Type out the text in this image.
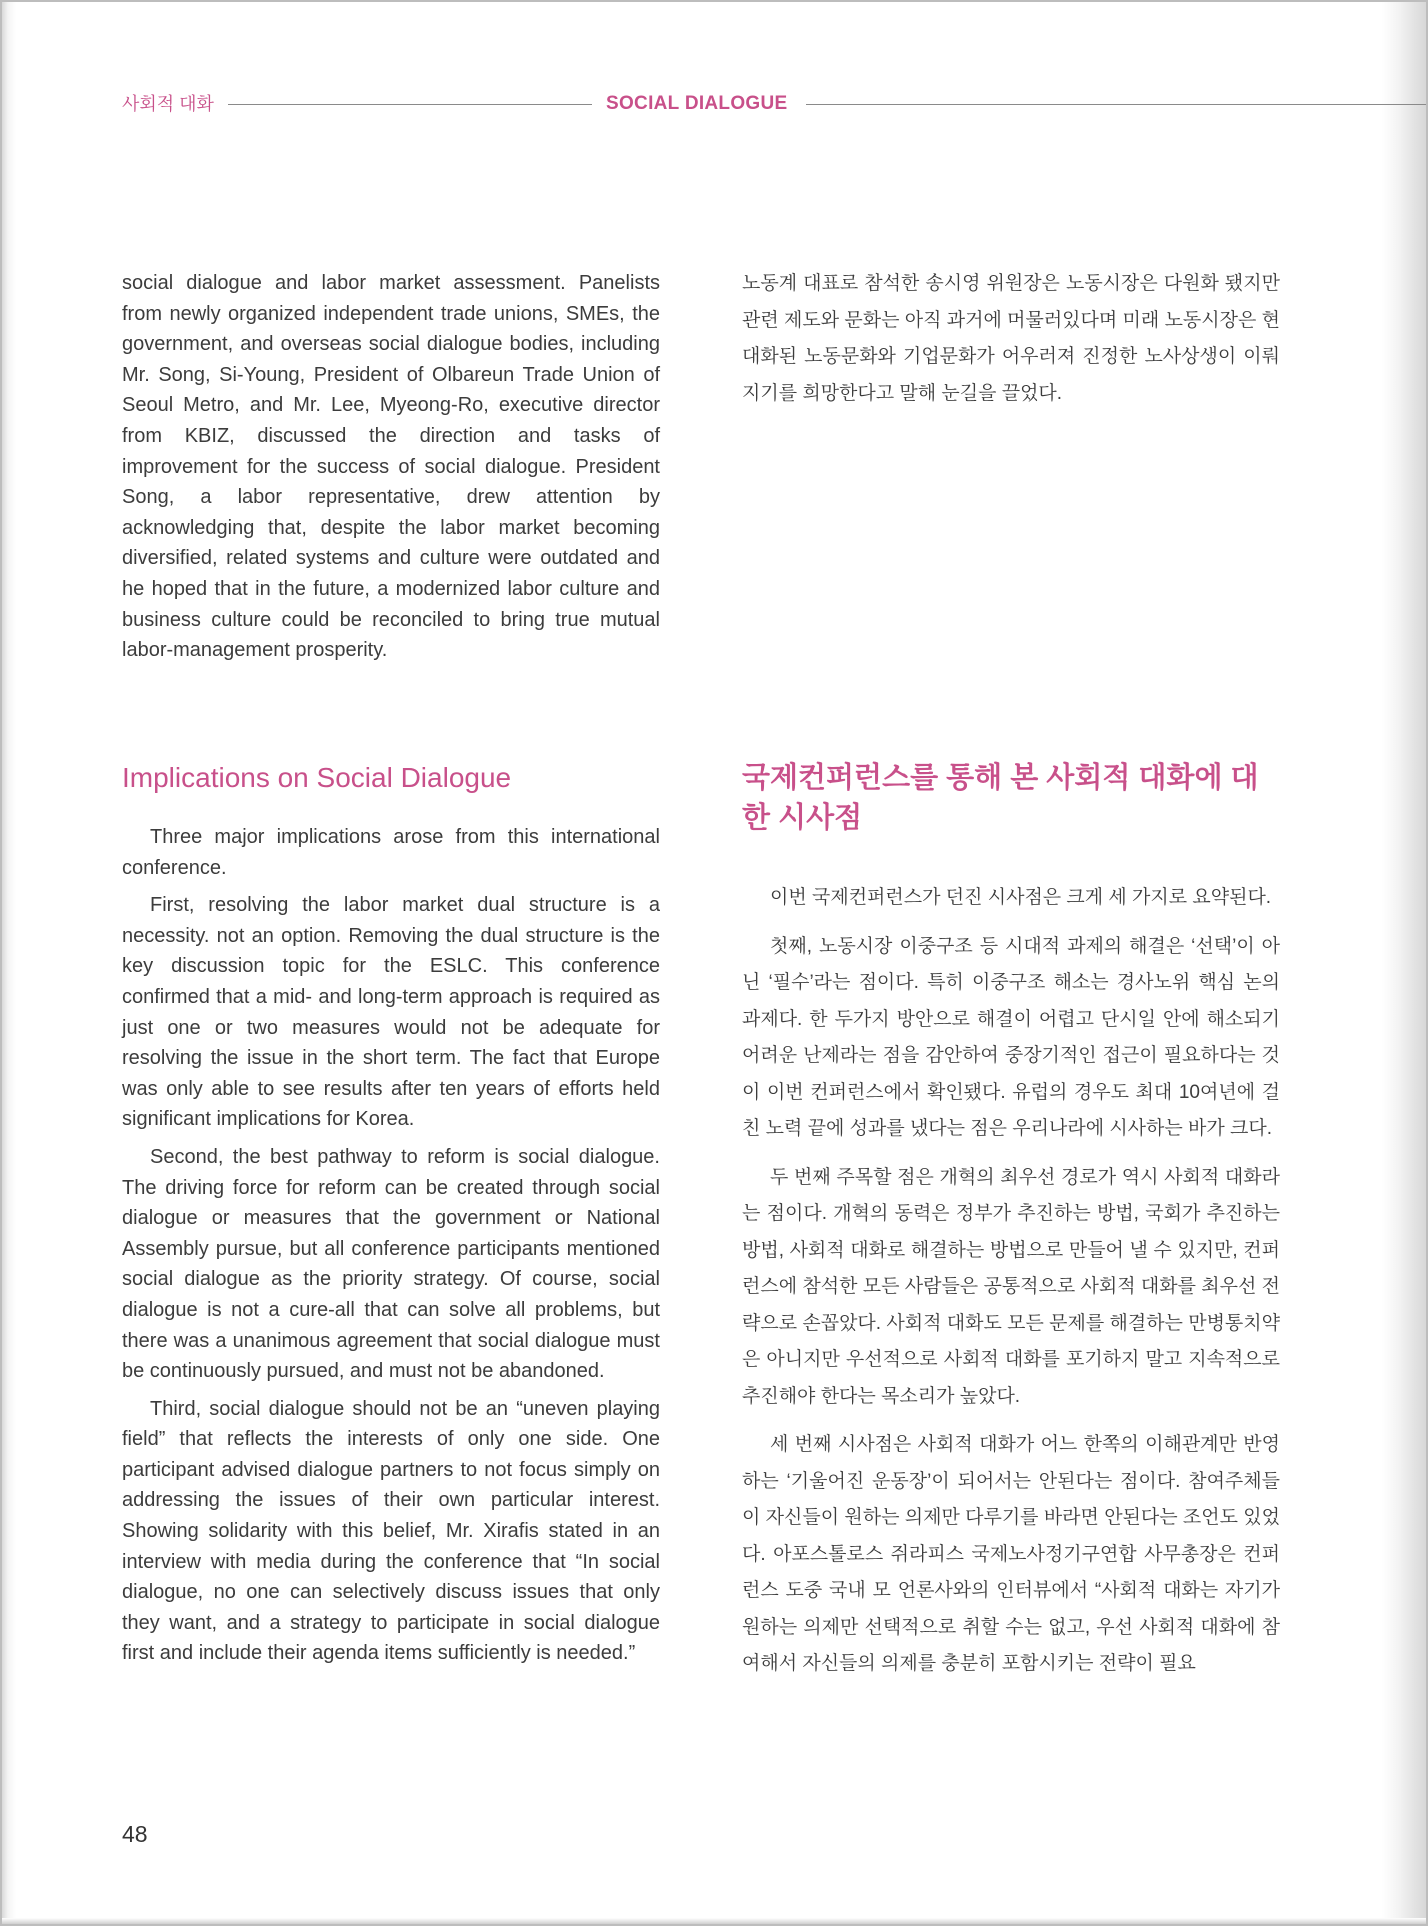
사회적 대화	SOCIAL DIALOGUE

social dialogue and labor market assessment. Panelists from newly organized independent trade unions, SMEs, the government, and overseas social dialogue bodies, including Mr. Song, Si-Young, President of Olbareun Trade Union of Seoul Metro, and Mr. Lee, Myeong-Ro, executive director from KBIZ, discussed the direction and tasks of improvement for the success of social dialogue. President Song, a labor representative, drew attention by acknowledging that, despite the labor market becoming diversified, related systems and culture were outdated and he hoped that in the future, a modernized labor culture and business culture could be reconciled to bring true mutual labor-management prosperity.

노동계 대표로 참석한 송시영 위원장은 노동시장은 다원화 됐지만 관련 제도와 문화는 아직 과거에 머물러있다며 미래 노동시장은 현대화된 노동문화와 기업문화가 어우러져 진정한 노사상생이 이뤄지기를 희망한다고 말해 눈길을 끌었다.

Implications on Social Dialogue	국제컨퍼런스를 통해 본 사회적 대화에 대한 시사점

Three major implications arose from this international conference.

First, resolving the labor market dual structure is a necessity. not an option. Removing the dual structure is the key discussion topic for the ESLC. This conference confirmed that a mid- and long-term approach is required as just one or two measures would not be adequate for resolving the issue in the short term. The fact that Europe was only able to see results after ten years of efforts held significant implications for Korea.

Second, the best pathway to reform is social dialogue. The driving force for reform can be created through social dialogue or measures that the government or National Assembly pursue, but all conference participants mentioned social dialogue as the priority strategy. Of course, social dialogue is not a cure-all that can solve all problems, but there was a unanimous agreement that social dialogue must be continuously pursued, and must not be abandoned.

Third, social dialogue should not be an “uneven playing field” that reflects the interests of only one side. One participant advised dialogue partners to not focus simply on addressing the issues of their own particular interest. Showing solidarity with this belief, Mr. Xirafis stated in an interview with media during the conference that “In social dialogue, no one can selectively discuss issues that only they want, and a strategy to participate in social dialogue first and include their agenda items sufficiently is needed.”

이번 국제컨퍼런스가 던진 시사점은 크게 세 가지로 요약된다.

첫째, 노동시장 이중구조 등 시대적 과제의 해결은 ‘선택’이 아닌 ‘필수’라는 점이다. 특히 이중구조 해소는 경사노위 핵심 논의 과제다. 한 두가지 방안으로 해결이 어렵고 단시일 안에 해소되기 어려운 난제라는 점을 감안하여 중장기적인 접근이 필요하다는 것이 이번 컨퍼런스에서 확인됐다. 유럽의 경우도 최대 10여년에 걸친 노력 끝에 성과를 냈다는 점은 우리나라에 시사하는 바가 크다.

두 번째 주목할 점은 개혁의 최우선 경로가 역시 사회적 대화라는 점이다. 개혁의 동력은 정부가 추진하는 방법, 국회가 추진하는 방법, 사회적 대화로 해결하는 방법으로 만들어 낼 수 있지만, 컨퍼런스에 참석한 모든 사람들은 공통적으로 사회적 대화를 최우선 전략으로 손꼽았다. 사회적 대화도 모든 문제를 해결하는 만병통치약은 아니지만 우선적으로 사회적 대화를 포기하지 말고 지속적으로 추진해야 한다는 목소리가 높았다.

세 번째 시사점은 사회적 대화가 어느 한쪽의 이해관계만 반영하는 ‘기울어진 운동장’이 되어서는 안된다는 점이다. 참여주체들이 자신들이 원하는 의제만 다루기를 바라면 안된다는 조언도 있었다. 아포스톨로스 쥐라피스 국제노사정기구연합 사무총장은 컨퍼런스 도중 국내 모 언론사와의 인터뷰에서 “사회적 대화는 자기가 원하는 의제만 선택적으로 취할 수는 없고, 우선 사회적 대화에 참여해서 자신들의 의제를 충분히 포함시키는 전략이 필요

48
